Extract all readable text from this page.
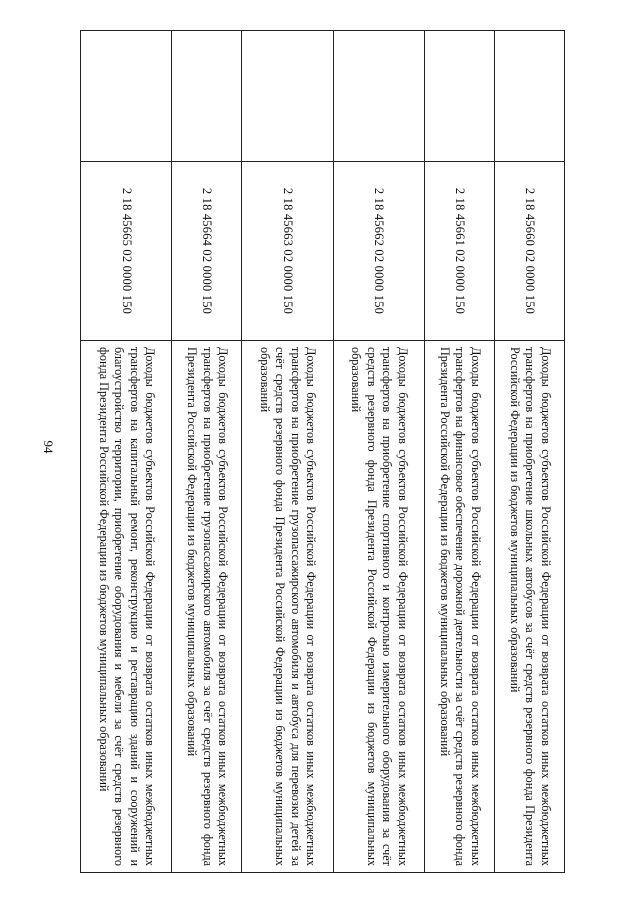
94
	2 18 45660 02 0000 150	Доходы бюджетов субъектов Российской Федерации от возврата остатков иных межбюджетных трансфертов на приобретение школьных автобусов за счёт средств резервного фонда Президента Российской Федерации из бюджетов муниципальных образований
	2 18 45661 02 0000 150	Доходы бюджетов субъектов Российской Федерации от возврата остатков иных межбюджетных трансфертов на финансовое обеспечение дорожной деятельности за счёт средств резервного фонда Президента Российской Федерации из бюджетов муниципальных образований
	2 18 45662 02 0000 150	Доходы бюджетов субъектов Российской Федерации от возврата остатков иных межбюджетных трансфертов на приобретение спортивного и контрольно измерительного оборудования за счёт средств резервного фонда Президента Российской Федерации из бюджетов муниципальных образований
	2 18 45663 02 0000 150	Доходы бюджетов субъектов Российской Федерации от возврата остатков иных межбюджетных трансфертов на приобретение грузопассажирского автомобиля и автобуса для перевозки детей за счёт средств резервного фонда Президента Российской Федерации из бюджетов муниципальных образований
	2 18 45664 02 0000 150	Доходы бюджетов субъектов Российской Федерации от возврата остатков иных межбюджетных трансфертов на приобретение грузопассажирского автомобиля за счёт средств резервного фонда Президента Российской Федерации из бюджетов муниципальных образований
	2 18 45665 02 0000 150	Доходы бюджетов субъектов Российской Федерации от возврата остатков иных межбюджетных трансфертов на капитальный ремонт, реконструкцию и реставрацию зданий и сооружений и благоустройство территории, приобретение оборудования и мебели за счёт средств резервного фонда Президента Российской Федерации из бюджетов муниципальных образований
